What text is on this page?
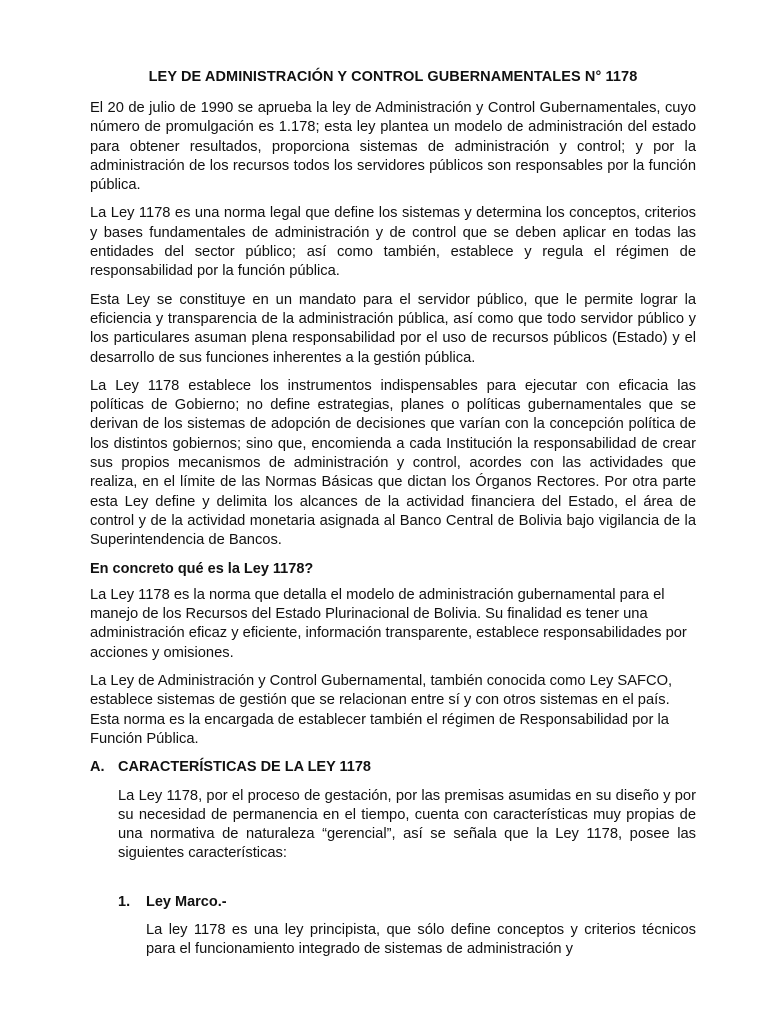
LEY DE ADMINISTRACIÓN Y CONTROL GUBERNAMENTALES N° 1178

El 20 de julio de 1990 se aprueba la ley de Administración y Control Gubernamentales, cuyo número de promulgación es 1.178; esta ley plantea un modelo de administración del estado para obtener resultados, proporciona sistemas de administración y control; y por la administración de los recursos todos los servidores públicos son responsables por la función pública.

La Ley 1178 es una norma legal que define los sistemas y determina los conceptos, criterios y bases fundamentales de administración y de control que se deben aplicar en todas las entidades del sector público; así como también, establece y regula el régimen de responsabilidad por la función pública.

Esta Ley se constituye en un mandato para el servidor público, que le permite lograr la eficiencia y transparencia de la administración pública, así como que todo servidor público y los particulares asuman plena responsabilidad por el uso de recursos públicos (Estado) y el desarrollo de sus funciones inherentes a la gestión pública.

La Ley 1178 establece los instrumentos indispensables para ejecutar con eficacia las políticas de Gobierno; no define estrategias, planes o políticas gubernamentales que se derivan de los sistemas de adopción de decisiones que varían con la concepción política de los distintos gobiernos; sino que, encomienda a cada Institución la responsabilidad de crear sus propios mecanismos de administración y control, acordes con las actividades que realiza, en el límite de las Normas Básicas que dictan los Órganos Rectores. Por otra parte esta Ley define y delimita los alcances de la actividad financiera del Estado, el área de control y de la actividad monetaria asignada al Banco Central de Bolivia bajo vigilancia de la Superintendencia de Bancos.

En concreto qué es la Ley 1178?

La Ley 1178 es la norma que detalla el modelo de administración gubernamental para el manejo de los Recursos del Estado Plurinacional de Bolivia. Su finalidad es tener una administración eficaz y eficiente, información transparente, establece responsabilidades por acciones y omisiones.

La Ley de Administración y Control Gubernamental, también conocida como Ley SAFCO, establece sistemas de gestión que se relacionan entre sí y con otros sistemas en el país. Esta norma es la encargada de establecer también el régimen de Responsabilidad por la Función Pública.

A. CARACTERÍSTICAS DE LA LEY 1178

La Ley 1178, por el proceso de gestación, por las premisas asumidas en su diseño y por su necesidad de permanencia en el tiempo, cuenta con características muy propias de una normativa de naturaleza “gerencial”, así se señala que la Ley 1178, posee las siguientes características:

1.	Ley Marco.-

La ley 1178 es una ley principista, que sólo define conceptos y criterios técnicos para el funcionamiento integrado de sistemas de administración y
